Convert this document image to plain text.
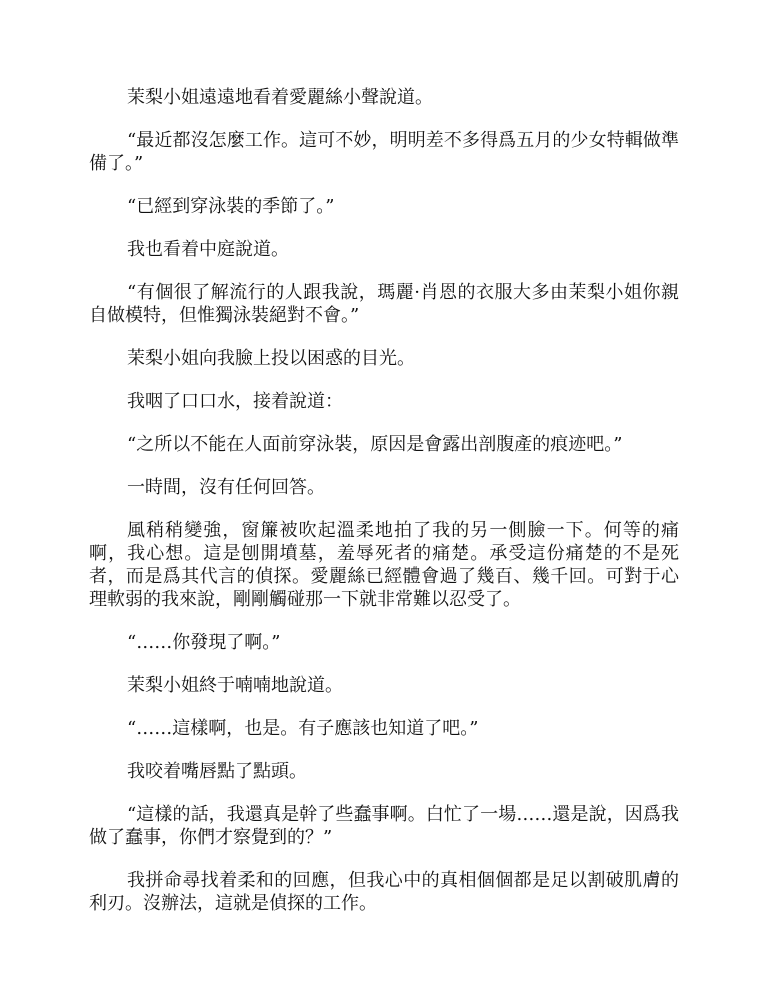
茉梨小姐遠遠地看着愛麗絲小聲說道。

“最近都沒怎麼工作。這可不妙，明明差不多得爲五月的少女特輯做準備了。”

“已經到穿泳裝的季節了。”

我也看着中庭說道。

“有個很了解流行的人跟我說，瑪麗·肖恩的衣服大多由茉梨小姐你親自做模特，但惟獨泳裝絕對不會。”

茉梨小姐向我臉上投以困惑的目光。

我咽了口口水，接着說道：

“之所以不能在人面前穿泳裝，原因是會露出剖腹產的痕迹吧。”

一時間，沒有任何回答。

風稍稍變強，窗簾被吹起溫柔地拍了我的另一側臉一下。何等的痛啊，我心想。這是刨開墳墓，羞辱死者的痛楚。承受這份痛楚的不是死者，而是爲其代言的偵探。愛麗絲已經體會過了幾百、幾千回。可對于心理軟弱的我來說，剛剛觸碰那一下就非常難以忍受了。

“……你發現了啊。”

茉梨小姐終于喃喃地說道。

“……這樣啊，也是。有子應該也知道了吧。”

我咬着嘴唇點了點頭。

“這樣的話，我還真是幹了些蠢事啊。白忙了一場……還是說，因爲我做了蠢事，你們才察覺到的？”

我拼命尋找着柔和的回應，但我心中的真相個個都是足以割破肌膚的利刃。沒辦法，這就是偵探的工作。
